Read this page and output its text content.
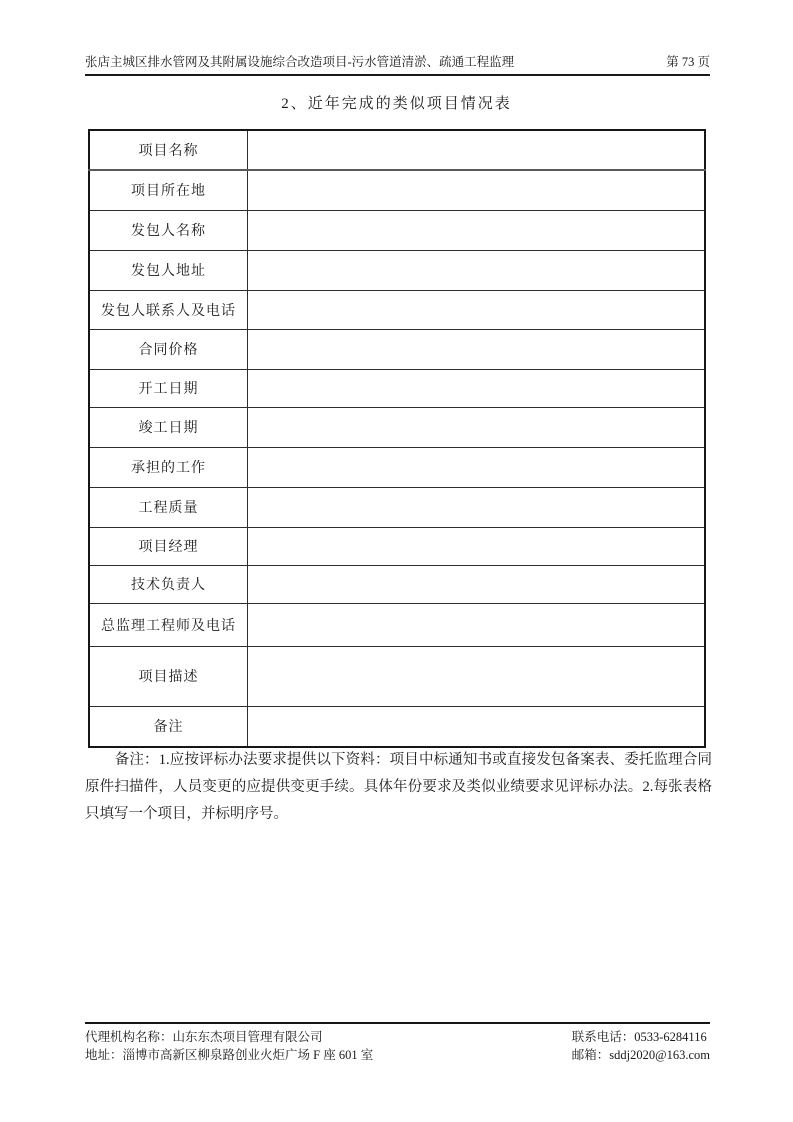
张店主城区排水管网及其附属设施综合改造项目-污水管道清淤、疏通工程监理	第 73 页
2、近年完成的类似项目情况表
项目名称	
项目所在地	
发包人名称	
发包人地址	
发包人联系人及电话	
合同价格	
开工日期	
竣工日期	
承担的工作	
工程质量	
项目经理	
技术负责人	
总监理工程师及电话	
项目描述	
备注	

备注：1.应按评标办法要求提供以下资料：项目中标通知书或直接发包备案表、委托监理合同原件扫描件，人员变更的应提供变更手续。具体年份要求及类似业绩要求见评标办法。2.每张表格只填写一个项目，并标明序号。

代理机构名称：山东东杰项目管理有限公司
地址：淄博市高新区柳泉路创业火炬广场 F 座 601 室
联系电话：0533-6284116
邮箱：sddj2020@163.com
